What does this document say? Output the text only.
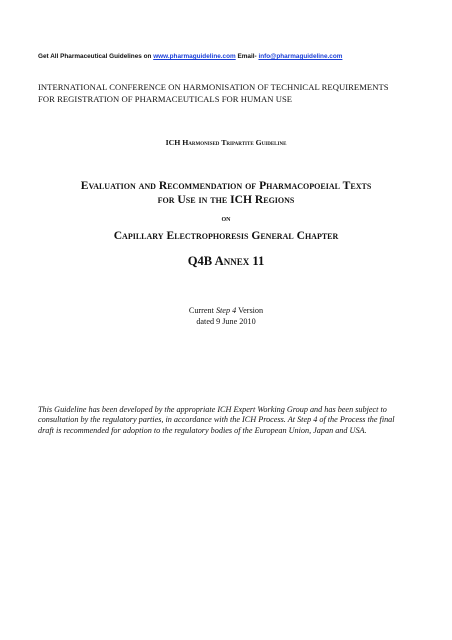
Get All Pharmaceutical Guidelines on www.pharmaguideline.com Email- info@pharmaguideline.com
INTERNATIONAL CONFERENCE ON HARMONISATION OF TECHNICAL REQUIREMENTS
FOR REGISTRATION OF PHARMACEUTICALS FOR HUMAN USE
ICH Harmonised Tripartite Guideline
Evaluation and Recommendation of Pharmacopoeial Texts
for Use in the ICH Regions
on
Capillary Electrophoresis General Chapter
Q4B Annex 11
Current Step 4 Version
dated 9 June 2010
This Guideline has been developed by the appropriate ICH Expert Working Group and has been subject to consultation by the regulatory parties, in accordance with the ICH Process. At Step 4 of the Process the final draft is recommended for adoption to the regulatory bodies of the European Union, Japan and USA.
